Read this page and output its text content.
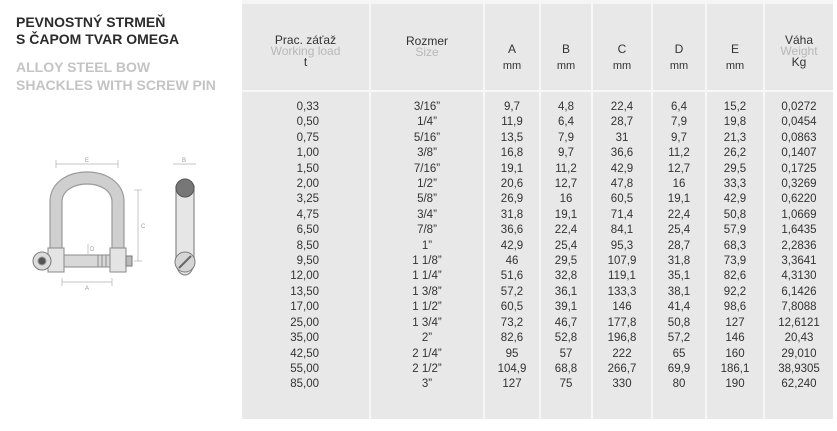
PEVNOSTNÝ STRMEŇ
S ČAPOM TVAR OMEGA
ALLOY STEEL BOW
SHACKLES WITH SCREW PIN
E
C
D
A
B
Prac. záťaž
Working load
t
0,33
0,50
0,75
1,00
1,50
2,00
3,25
4,75
6,50
8,50
9,50
12,00
13,50
17,00
25,00
35,00
42,50
55,00
85,00
Rozmer
Size
3/16”
1/4”
5/16”
3/8”
7/16”
1/2”
5/8”
3/4”
7/8”
1”
1 1/8”
1 1/4”
1 3/8”
1 1/2”
1 3/4”
2”
2 1/4”
2 1/2”
3”
A
mm
9,7
11,9
13,5
16,8
19,1
20,6
26,9
31,8
36,6
42,9
46
51,6
57,2
60,5
73,2
82,6
95
104,9
127
B
mm
4,8
6,4
7,9
9,7
11,2
12,7
16
19,1
22,4
25,4
29,5
32,8
36,1
39,1
46,7
52,8
57
68,8
75
C
mm
22,4
28,7
31
36,6
42,9
47,8
60,5
71,4
84,1
95,3
107,9
119,1
133,3
146
177,8
196,8
222
266,7
330
D
mm
6,4
7,9
9,7
11,2
12,7
16
19,1
22,4
25,4
28,7
31,8
35,1
38,1
41,4
50,8
57,2
65
69,9
80
E
mm
15,2
19,8
21,3
26,2
29,5
33,3
42,9
50,8
57,9
68,3
73,9
82,6
92,2
98,6
127
146
160
186,1
190
Váha
Weight
Kg
0,0272
0,0454
0,0863
0,1407
0,1725
0,3269
0,6220
1,0669
1,6435
2,2836
3,3641
4,3130
6,1426
7,8088
12,6121
20,43
29,010
38,9305
62,240
